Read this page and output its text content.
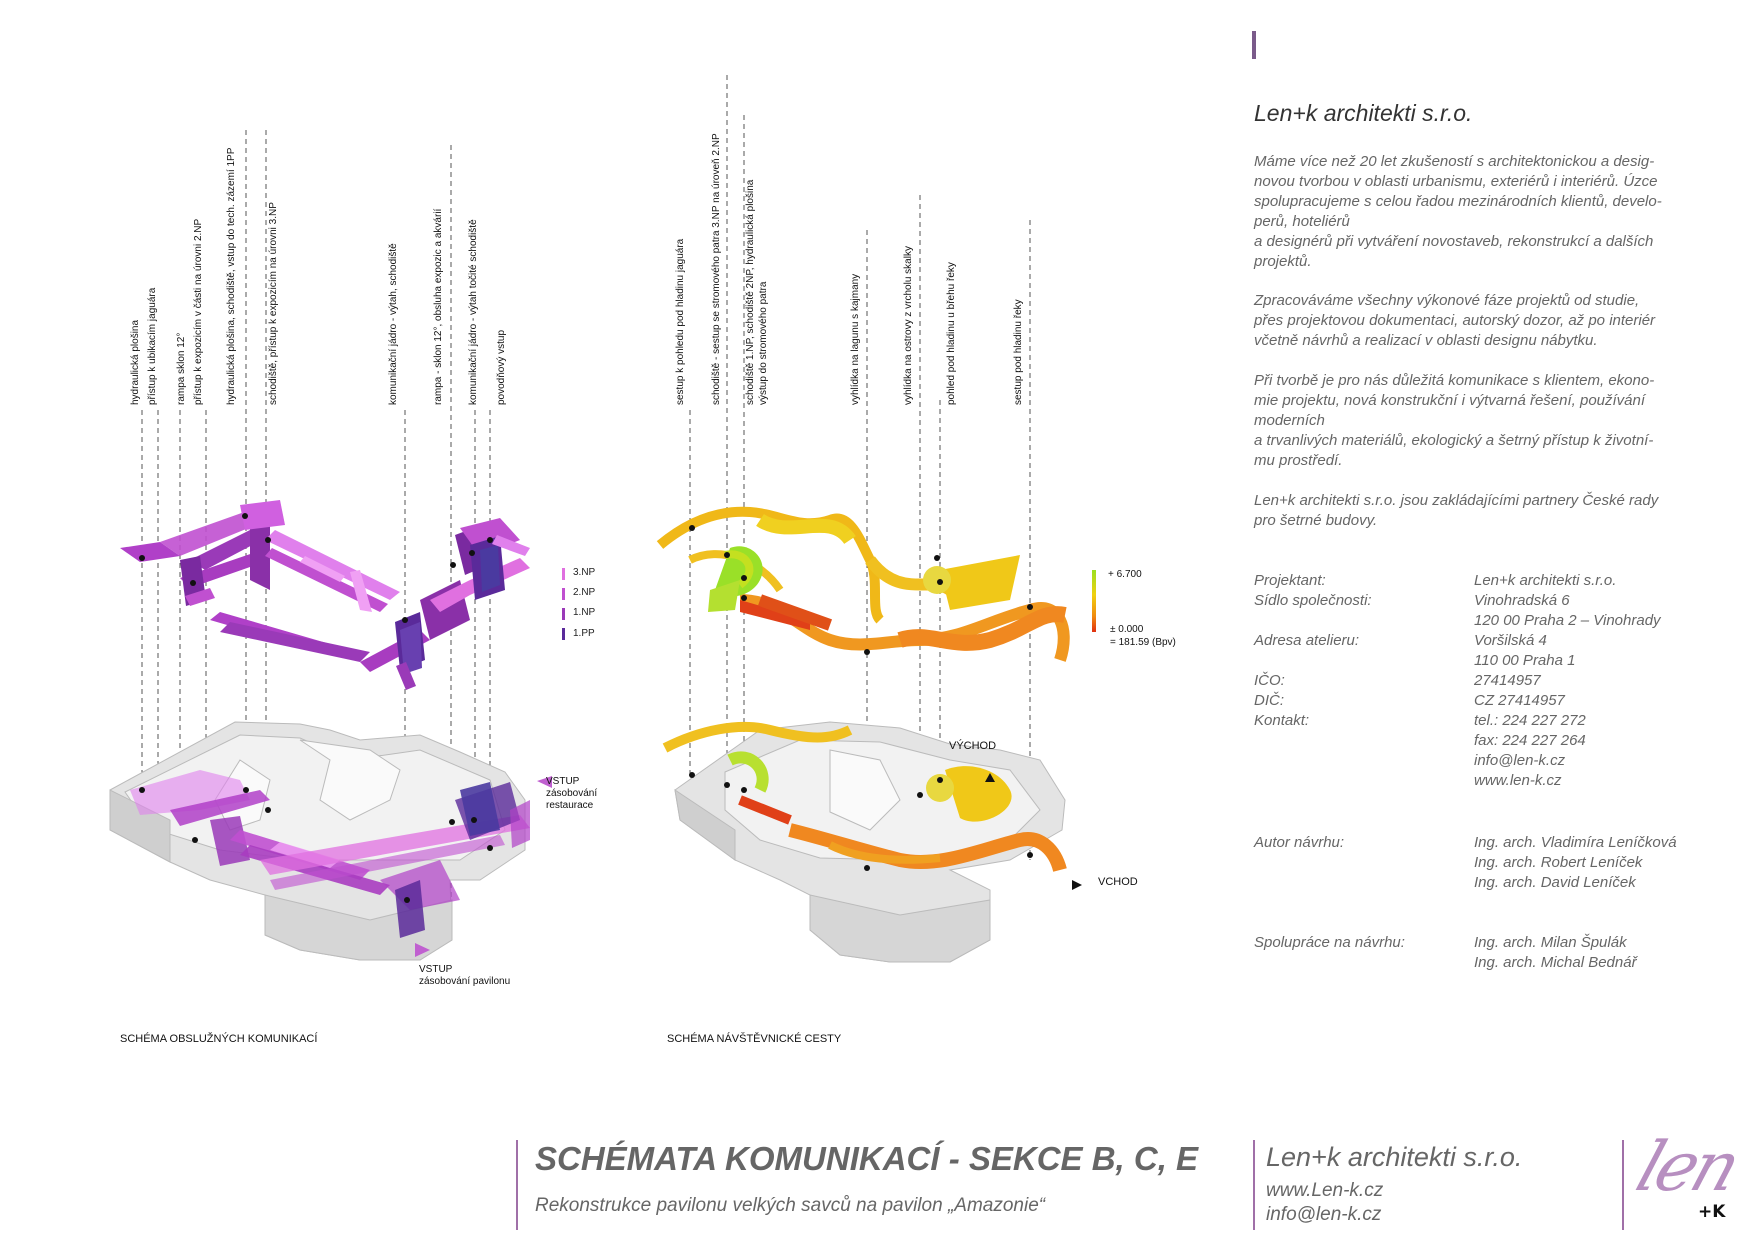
hydraulická plošina přístup k ubikacím jaguára rampa sklon 12° přístup k expozicím v části na úrovni 2.NP hydraulická plošina, schodiště, vstup do tech. zázemí 1PP	schodiště, přístup k expozicím na úrovni 3.NP	komunikační jádro - výtah, schodiště	rampa - sklon 12°, obsluha expozic a akvárií komunikační jádro - výtah točité schodiště povodňový vstup
3.NP
2.NP
1.NP
1.PP
VSTUP
zásobování
restaurace
VSTUP
zásobování pavilonu
SCHÉMA OBSLUŽNÝCH KOMUNIKACÍ
sestup k pohledu pod hladinu jaguára	schodiště - sestup se stromového patra 3.NP na úroveň 2.NP schodiště 1.NP, schodiště 2NP, hydraulická plošina výstup do stromového patra	vyhlídka na lagunu s kajmany	vyhlídka na ostrovy z vrcholu skalky	pohled pod hladinu u břehu řeky	sestup pod hladinu řeky
+ 6.700
± 0.000
= 181.59 (Bpv)
VÝCHOD
VCHOD
SCHÉMA NÁVŠTĚVNICKÉ CESTY
Len+k architekti s.r.o.
Máme více než 20 let zkušeností s architektonickou a desig-
novou tvorbou v oblasti urbanismu, exteriérů i interiérů. Úzce
spolupracujeme s celou řadou mezinárodních klientů, develo-
perů, hoteliérů
a designérů při vytváření novostaveb, rekonstrukcí a dalších
projektů.
Zpracováváme všechny výkonové fáze projektů od studie,
přes projektovou dokumentaci, autorský dozor, až po interiér
včetně návrhů a realizací v oblasti designu nábytku.
Při tvorbě je pro nás důležitá komunikace s klientem, ekono-
mie projektu, nová konstrukční i výtvarná řešení, používání
moderních
a trvanlivých materiálů, ekologický a šetrný přístup k životní-
mu prostředí.
Len+k architekti s.r.o. jsou zakládajícími partnery České rady
pro šetrné budovy.
Projektant:	Len+k architekti s.r.o.
Sídlo společnosti:	Vinohradská 6
120 00 Praha 2 – Vinohrady
Adresa atelieru:	Voršilská 4
110 00 Praha 1
IČO:	27414957
DIČ:	CZ 27414957
Kontakt:	tel.: 224 227 272
fax: 224 227 264
info@len-k.cz
www.len-k.cz
Autor návrhu:	Ing. arch. Vladimíra Leníčková
Ing. arch. Robert Leníček
Ing. arch. David Leníček
Spolupráce na návrhu:	Ing. arch. Milan Špulák
Ing. arch. Michal Bednář
SCHÉMATA KOMUNIKACÍ - SEKCE B, C, E
Rekonstrukce pavilonu velkých savců na pavilon „Amazonie“
Len+k architekti s.r.o.
www.Len-k.cz
info@len-k.cz
len
+K
